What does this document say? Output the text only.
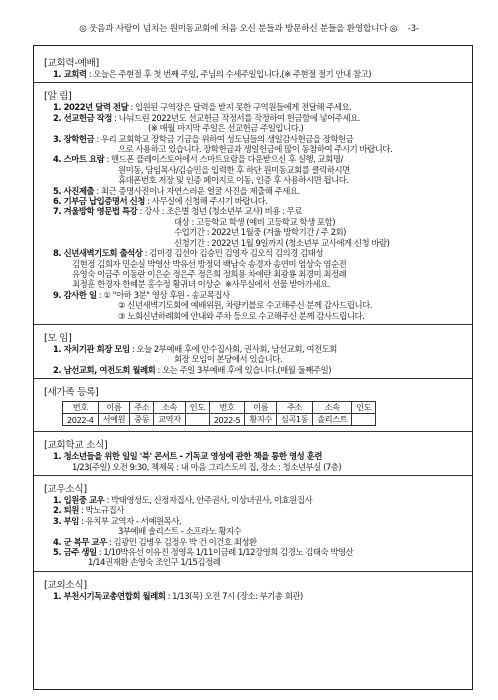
◎ 웃음과 사랑이 넘치는 원미동교회에 처음 오신 분들과 방문하신 분들을 환영합니다 ◎ -3-
[교회력-예배]
1. 교회력 : 오늘은 주현절 후 첫 번째 주일, 주님의 수세주일입니다.(※ 주현절 절기 안내 참고)
[알 림]
1. 2022년 달력 전달 : 입원된 구역장은 달력을 받지 못한 구역원들에게 전달해 주세요.
2. 선교헌금 작정 : 나눠드린 2022년도 선교헌금 작정서를 작정하여 헌금함에 넣어주세요.
(※ 매월 마지막 주일은 선교헌금 주일입니다.)
3. 장학헌금 : 우리 교회학교 장학금 기금을 위하여 성도님들의 생일감사헌금을 장학헌금
으로 사용하고 있습니다. 장학헌금과 생일헌금에 많이 동참하여 주시기 바랍니다.
4. 스마트 요람 : 핸드폰 플레이스토어에서 스마트요람을 다운받으신 후 실행, 교회명/
원미동, 담임목사/김승민을 입력한 후 하단 원미동교회를 클릭하시면
휴대폰번호 저장 및 인증 페이지로 이동, 인증 후 사용하시면 됩니다.
5. 사진제출 : 최근 증명사진이나 자연스러운 얼굴 사진을 제출해 주세요.
6. 기부금 납입증명서 신청 : 사무실에 신청해 주시기 바랍니다.
7. 겨울방학 영문법 특강 : 강사 : 조은별 청년 (청소년부 교사) 비용 : 무료
대상 : 고등학교 학생 (예비 고등학교 학생 포함)
수업기간 : 2022년 1월중 (겨울 방학기간 / 주 2회)
신청기간 : 2022년 1월 9일까지 (청소년부 교사에게 신청 바람)
8. 신년새벽기도회 출석상 : 김미경 김선아 김승민 김영자 김오식 김의경 김태성
김현정 김희자 민순실 박영산 박유선 방정덕 백남숙 송경자 송연미 엄상숙 염순전
유영숙 이금주 이동란 이은순 정은주 정은희 정희용 차애란 최광룡 최경미 최정례
최정훈 한경자 한혜분 홍수정 황귀녀 이상순 ※사무실에서 선물 받아가세요.
9. 감사한 일 : ① "아하 3분" 영상 후원 - 송교목집사
② 신년새벽기도회에 예배위원, 차량키블로 수고해주신 분께 감사드립니다.
③ 노회신년하례회에 안내와 주차 등으로 수고해주신 분께 감사드립니다.
[모 임]
1. 자치기관 회장 모임 : 오늘 2부예배 후에 안수집사회, 권사회, 남선교회, 여전도회
회장 모임이 본당에서 있습니다.
2. 남선교회, 여전도회 월례회 : 오는 주일 3부예배 후에 있습니다.(매월 둘째주일)
[새가족 등록]
번호	이름	주소	소속	인도	번호	이름	주소	소속	인도
2022-4	서예원	중동	교역자		2022-5	황지수	심곡1동	솔리스트	
[교회학교 소식]
1. 청소년들을 위한 일일 '북' 콘서트 - 기독교 영성에 관한 책을 통한 영성 훈련
1/23(주일) 오전 9:30, 책제목 : 내 마음 그리스도의 집, 장소 : 청소년부실 (7층)
[교우소식]
1. 입원중 교우 : 박태영성도, 신정자집사, 안주권사, 이상녀권사, 이효원집사
2. 퇴원 : 박노규집사
3. 부임 : 유치부 교역자 - 서예원목사,
3부예배 솔리스트 - 소프라노 황지수
4. 군 복무 교우 : 김광민 김병우 김정우 박 건 이건호 최성환
5. 금주 생일 : 1/10박유선 이유진 정영옥 1/11이금례 1/12강영희 김경노 김태숙 박영산
1/14권재환 손영숙 조인구 1/15김정례
[교외소식]
1. 부천시기독교총연합회 월례회 : 1/13(목) 오전 7시 (장소: 부기총 회관)
